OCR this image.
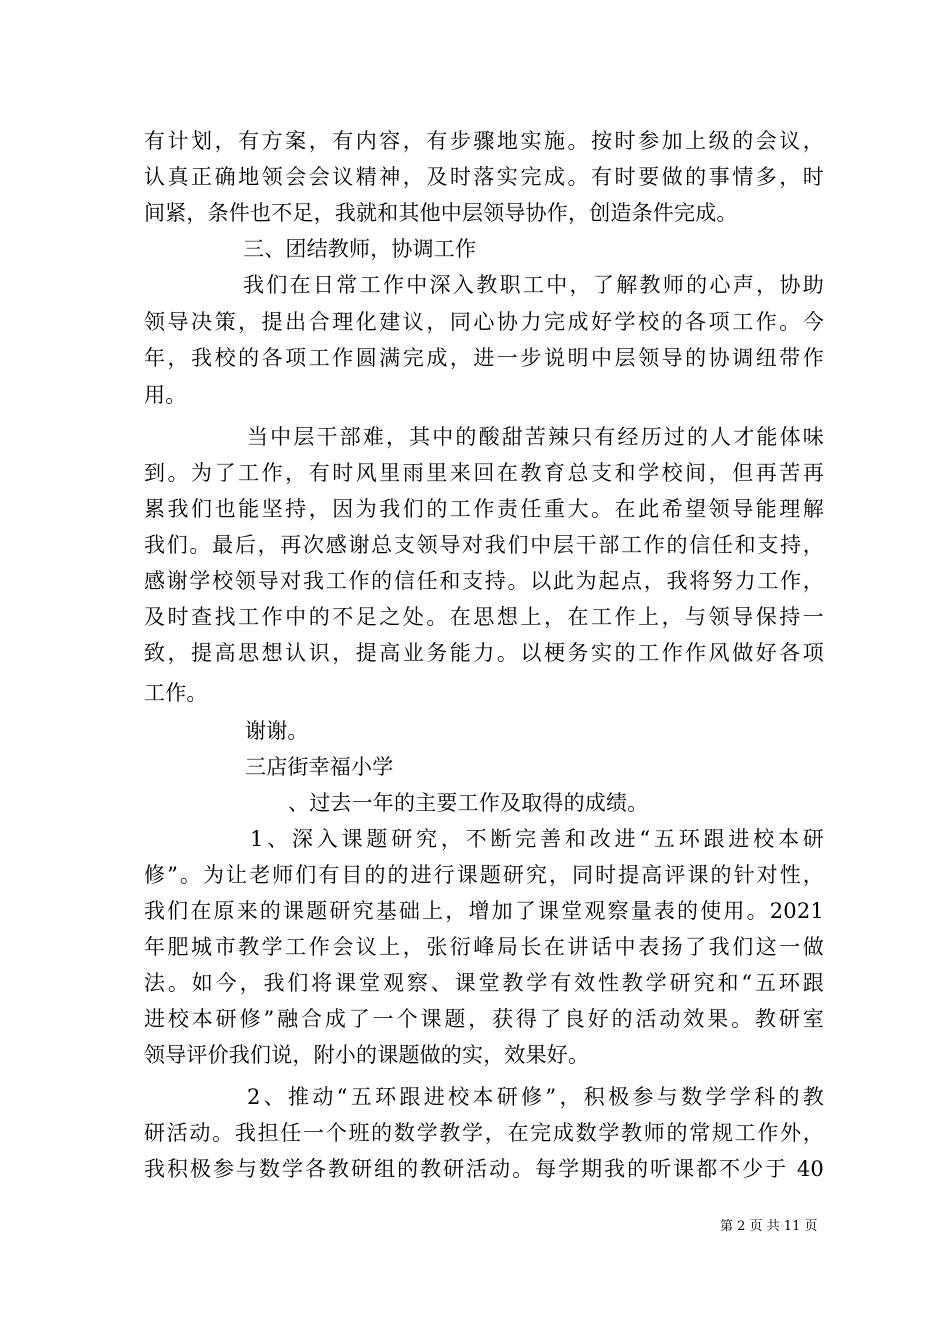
有计划，有方案，有内容，有步骤地实施。按时参加上级的会议，
认真正确地领会会议精神，及时落实完成。有时要做的事情多，时
间紧，条件也不足，我就和其他中层领导协作，创造条件完成。
三、团结教师，协调工作
我们在日常工作中深入教职工中，了解教师的心声，协助
领导决策，提出合理化建议，同心协力完成好学校的各项工作。今
年，我校的各项工作圆满完成，进一步说明中层领导的协调纽带作
用。
当中层干部难，其中的酸甜苦辣只有经历过的人才能体味
到。为了工作，有时风里雨里来回在教育总支和学校间，但再苦再
累我们也能坚持，因为我们的工作责任重大。在此希望领导能理解
我们。最后，再次感谢总支领导对我们中层干部工作的信任和支持，
感谢学校领导对我工作的信任和支持。以此为起点，我将努力工作，
及时查找工作中的不足之处。在思想上，在工作上，与领导保持一
致，提高思想认识，提高业务能力。以梗务实的工作作风做好各项
工作。
谢谢。
三店街幸福小学
、过去一年的主要工作及取得的成绩。
1、深入课题研究，不断完善和改进“五环跟进校本研
修”。为让老师们有目的的进行课题研究，同时提高评课的针对性，
我们在原来的课题研究基础上，增加了课堂观察量表的使用。2021
年肥城市教学工作会议上，张衍峰局长在讲话中表扬了我们这一做
法。如今，我们将课堂观察、课堂教学有效性教学研究和“五环跟
进校本研修”融合成了一个课题，获得了良好的活动效果。教研室
领导评价我们说，附小的课题做的实，效果好。
2、推动“五环跟进校本研修”，积极参与数学学科的教
研活动。我担任一个班的数学教学，在完成数学教师的常规工作外，
我积极参与数学各教研组的教研活动。每学期我的听课都不少于 40
第 2 页 共 11 页
